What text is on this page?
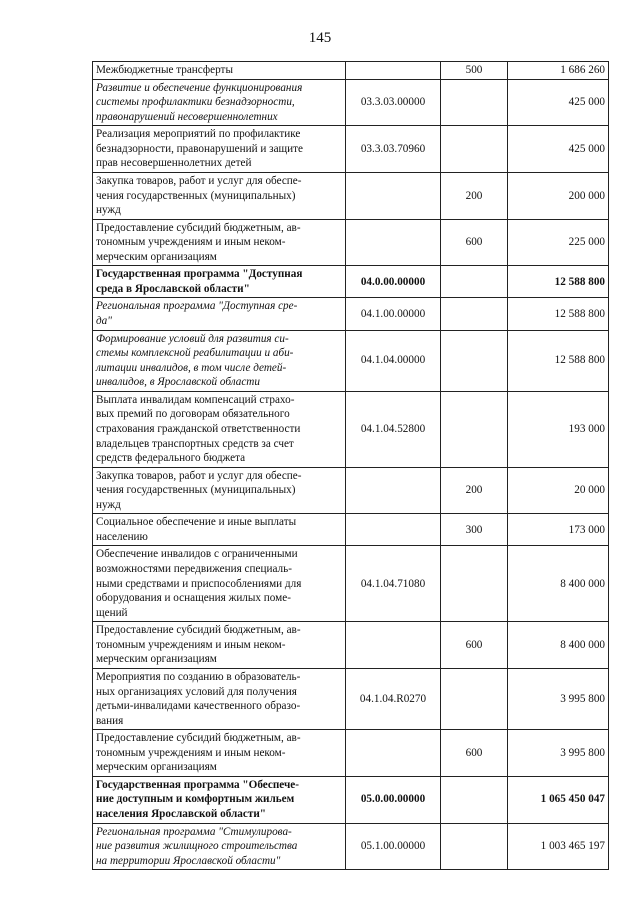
145
Межбюджетные трансферты		500	1 686 260

Развитие и обеспечение функционирования
системы профилактики безнадзорности,
правонарушений несовершеннолетних	03.3.03.00000		425 000

Реализация мероприятий по профилактике
безнадзорности, правонарушений и защите
прав несовершеннолетних детей	03.3.03.70960		425 000

Закупка товаров, работ и услуг для обеспе-
чения государственных (муниципальных)
нужд		200	200 000

Предоставление субсидий бюджетным, ав-
тономным учреждениям и иным неком-
мерческим организациям		600	225 000

Государственная программа "Доступная
среда в Ярославской области"	04.0.00.00000		12 588 800

Региональная программа "Доступная сре-
да"	04.1.00.00000		12 588 800

Формирование условий для развития си-
стемы комплексной реабилитации и аби-
литации инвалидов, в том числе детей-
инвалидов, в Ярославской области	04.1.04.00000		12 588 800

Выплата инвалидам компенсаций страхо-
вых премий по договорам обязательного
страхования гражданской ответственности
владельцев транспортных средств за счет
средств федерального бюджета	04.1.04.52800		193 000

Закупка товаров, работ и услуг для обеспе-
чения государственных (муниципальных)
нужд		200	20 000

Социальное обеспечение и иные выплаты
населению		300	173 000

Обеспечение инвалидов с ограниченными
возможностями передвижения специаль-
ными средствами и приспособлениями для
оборудования и оснащения жилых поме-
щений	04.1.04.71080		8 400 000

Предоставление субсидий бюджетным, ав-
тономным учреждениям и иным неком-
мерческим организациям		600	8 400 000

Мероприятия по созданию в образователь-
ных организациях условий для получения
детьми-инвалидами качественного образо-
вания	04.1.04.R0270		3 995 800

Предоставление субсидий бюджетным, ав-
тономным учреждениям и иным неком-
мерческим организациям		600	3 995 800

Государственная программа "Обеспече-
ние доступным и комфортным жильем
населения Ярославской области"	05.0.00.00000		1 065 450 047

Региональная программа "Стимулирова-
ние развития жилищного строительства
на территории Ярославской области"	05.1.00.00000		1 003 465 197
